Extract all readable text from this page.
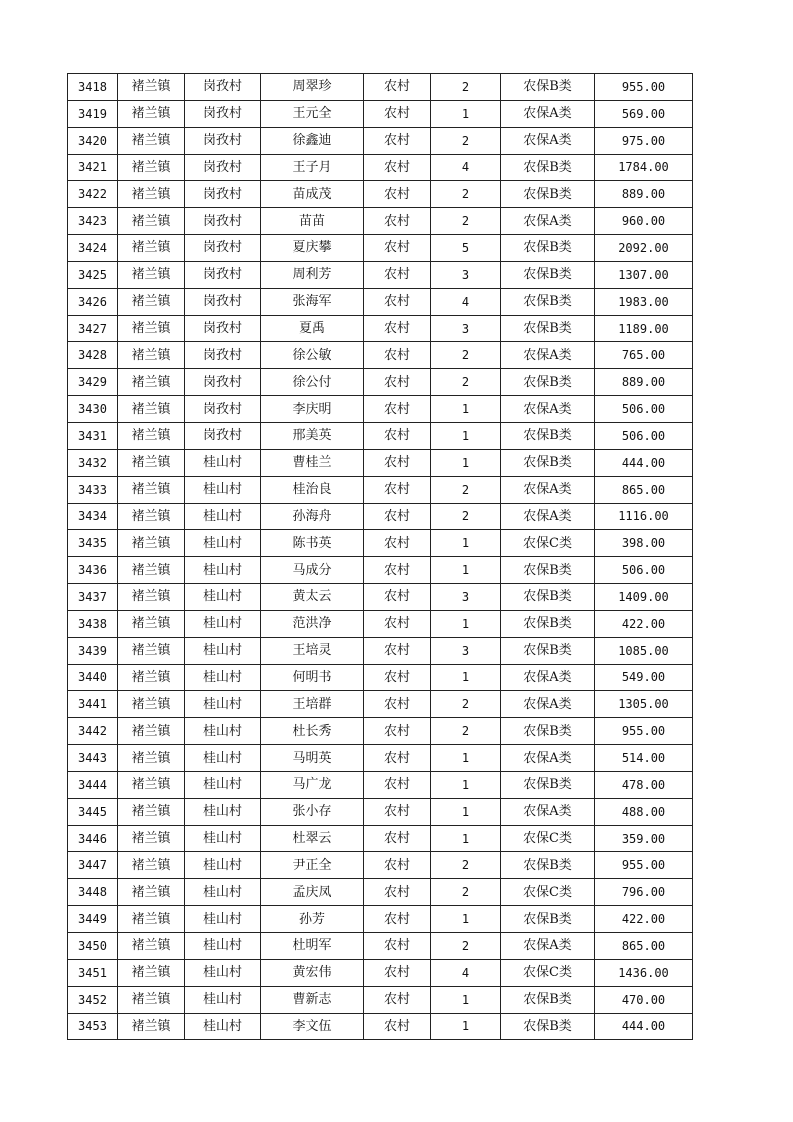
3418	褚兰镇	岗孜村	周翠珍	农村	2	农保B类	955.00
3419	褚兰镇	岗孜村	王元全	农村	1	农保A类	569.00
3420	褚兰镇	岗孜村	徐鑫迪	农村	2	农保A类	975.00
3421	褚兰镇	岗孜村	王子月	农村	4	农保B类	1784.00
3422	褚兰镇	岗孜村	苗成茂	农村	2	农保B类	889.00
3423	褚兰镇	岗孜村	苗苗	农村	2	农保A类	960.00
3424	褚兰镇	岗孜村	夏庆攀	农村	5	农保B类	2092.00
3425	褚兰镇	岗孜村	周利芳	农村	3	农保B类	1307.00
3426	褚兰镇	岗孜村	张海军	农村	4	农保B类	1983.00
3427	褚兰镇	岗孜村	夏禹	农村	3	农保B类	1189.00
3428	褚兰镇	岗孜村	徐公敏	农村	2	农保A类	765.00
3429	褚兰镇	岗孜村	徐公付	农村	2	农保B类	889.00
3430	褚兰镇	岗孜村	李庆明	农村	1	农保A类	506.00
3431	褚兰镇	岗孜村	邢美英	农村	1	农保B类	506.00
3432	褚兰镇	桂山村	曹桂兰	农村	1	农保B类	444.00
3433	褚兰镇	桂山村	桂治良	农村	2	农保A类	865.00
3434	褚兰镇	桂山村	孙海舟	农村	2	农保A类	1116.00
3435	褚兰镇	桂山村	陈书英	农村	1	农保C类	398.00
3436	褚兰镇	桂山村	马成分	农村	1	农保B类	506.00
3437	褚兰镇	桂山村	黄太云	农村	3	农保B类	1409.00
3438	褚兰镇	桂山村	范洪净	农村	1	农保B类	422.00
3439	褚兰镇	桂山村	王培灵	农村	3	农保B类	1085.00
3440	褚兰镇	桂山村	何明书	农村	1	农保A类	549.00
3441	褚兰镇	桂山村	王培群	农村	2	农保A类	1305.00
3442	褚兰镇	桂山村	杜长秀	农村	2	农保B类	955.00
3443	褚兰镇	桂山村	马明英	农村	1	农保A类	514.00
3444	褚兰镇	桂山村	马广龙	农村	1	农保B类	478.00
3445	褚兰镇	桂山村	张小存	农村	1	农保A类	488.00
3446	褚兰镇	桂山村	杜翠云	农村	1	农保C类	359.00
3447	褚兰镇	桂山村	尹正全	农村	2	农保B类	955.00
3448	褚兰镇	桂山村	孟庆凤	农村	2	农保C类	796.00
3449	褚兰镇	桂山村	孙芳	农村	1	农保B类	422.00
3450	褚兰镇	桂山村	杜明军	农村	2	农保A类	865.00
3451	褚兰镇	桂山村	黄宏伟	农村	4	农保C类	1436.00
3452	褚兰镇	桂山村	曹新志	农村	1	农保B类	470.00
3453	褚兰镇	桂山村	李文伍	农村	1	农保B类	444.00
